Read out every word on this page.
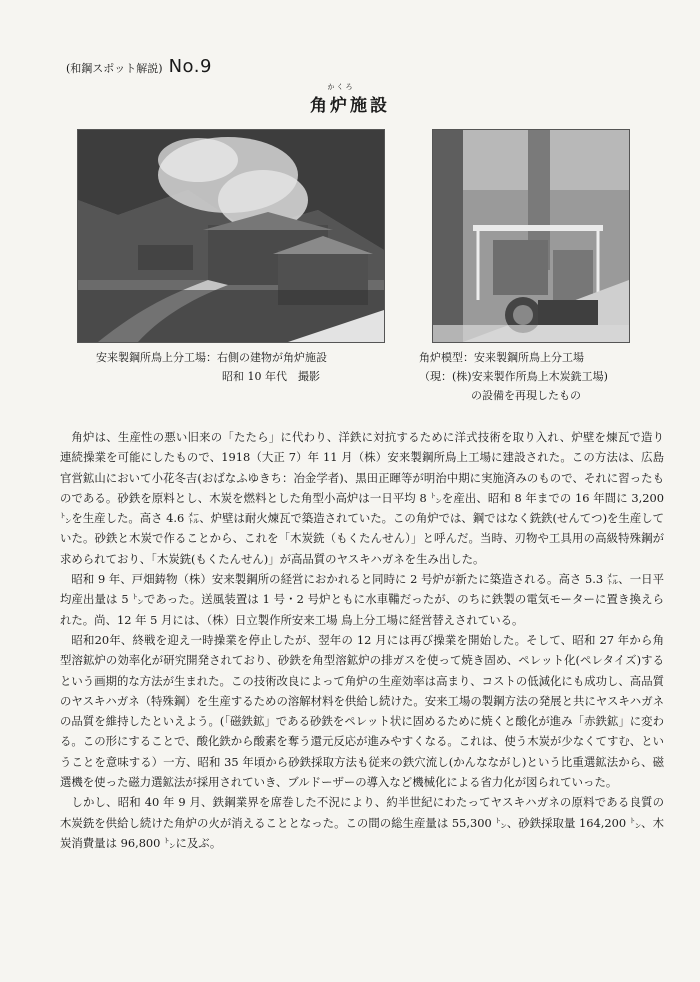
(和鋼スポット解説) No.9
かくろ
角炉施設
安来製鋼所鳥上分工場：右側の建物が角炉施設
昭和 10 年代　撮影
角炉模型：安来製鋼所鳥上分工場
（現：(株)安来製作所鳥上木炭銑工場)
の設備を再現したもの

角炉は、生産性の悪い旧来の「たたら」に代わり、洋鉄に対抗するために洋式技術を取り入れ、炉壁を煉瓦で造り連続操業を可能にしたもので、1918（大正 7）年 11 月（株）安来製鋼所鳥上工場に建設された。この方法は、広島官営鉱山において小花冬吉(おばなふゆきち：冶金学者)、黒田正暉等が明治中期に実施済みのもので、それに習ったものである。砂鉄を原料とし、木炭を燃料とした角型小高炉は一日平均 8 ㌧を産出、昭和 8 年までの 16 年間に 3,200 ㌧を生産した。高さ 4.6 ㍍、炉壁は耐火煉瓦で築造されていた。この角炉では、鋼ではなく銑鉄(せんてつ)を生産していた。砂鉄と木炭で作ることから、これを「木炭銑（もくたんせん）」と呼んだ。当時、刃物や工具用の高級特殊鋼が求められており、「木炭銑(もくたんせん)」が高品質のヤスキハガネを生み出した。

昭和 9 年、戸畑鋳物（株）安来製鋼所の経営におかれると同時に 2 号炉が新たに築造される。高さ 5.3 ㍍、一日平均産出量は 5 ㌧であった。送風装置は 1 号・2 号炉ともに水車鞴だったが、のちに鉄製の電気モーターに置き換えられた。尚、12 年 5 月には、（株）日立製作所安来工場 鳥上分工場に経営替えされている。

昭和20年、終戦を迎え一時操業を停止したが、翌年の 12 月には再び操業を開始した。そして、昭和 27 年から角型溶鉱炉の効率化が研究開発されており、砂鉄を角型溶鉱炉の排ガスを使って焼き固め、ペレット化(ペレタイズ)するという画期的な方法が生まれた。この技術改良によって角炉の生産効率は高まり、コストの低減化にも成功し、高品質のヤスキハガネ（特殊鋼）を生産するための溶解材料を供給し続けた。安来工場の製鋼方法の発展と共にヤスキハガネの品質を維持したといえよう。(「磁鉄鉱」である砂鉄をペレット状に固めるために焼くと酸化が進み「赤鉄鉱」に変わる。この形にすることで、酸化鉄から酸素を奪う還元反応が進みやすくなる。これは、使う木炭が少なくてすむ、ということを意味する）一方、昭和 35 年頃から砂鉄採取方法も従来の鉄穴流し(かんなながし)という比重選鉱法から、磁選機を使った磁力選鉱法が採用されていき、ブルドーザーの導入など機械化による省力化が図られていった。

しかし、昭和 40 年 9 月、鉄鋼業界を席巻した不況により、約半世紀にわたってヤスキハガネの原料である良質の木炭銑を供給し続けた角炉の火が消えることとなった。この間の総生産量は 55,300 ㌧、砂鉄採取量 164,200 ㌧、木炭消費量は 96,800 ㌧に及ぶ。
